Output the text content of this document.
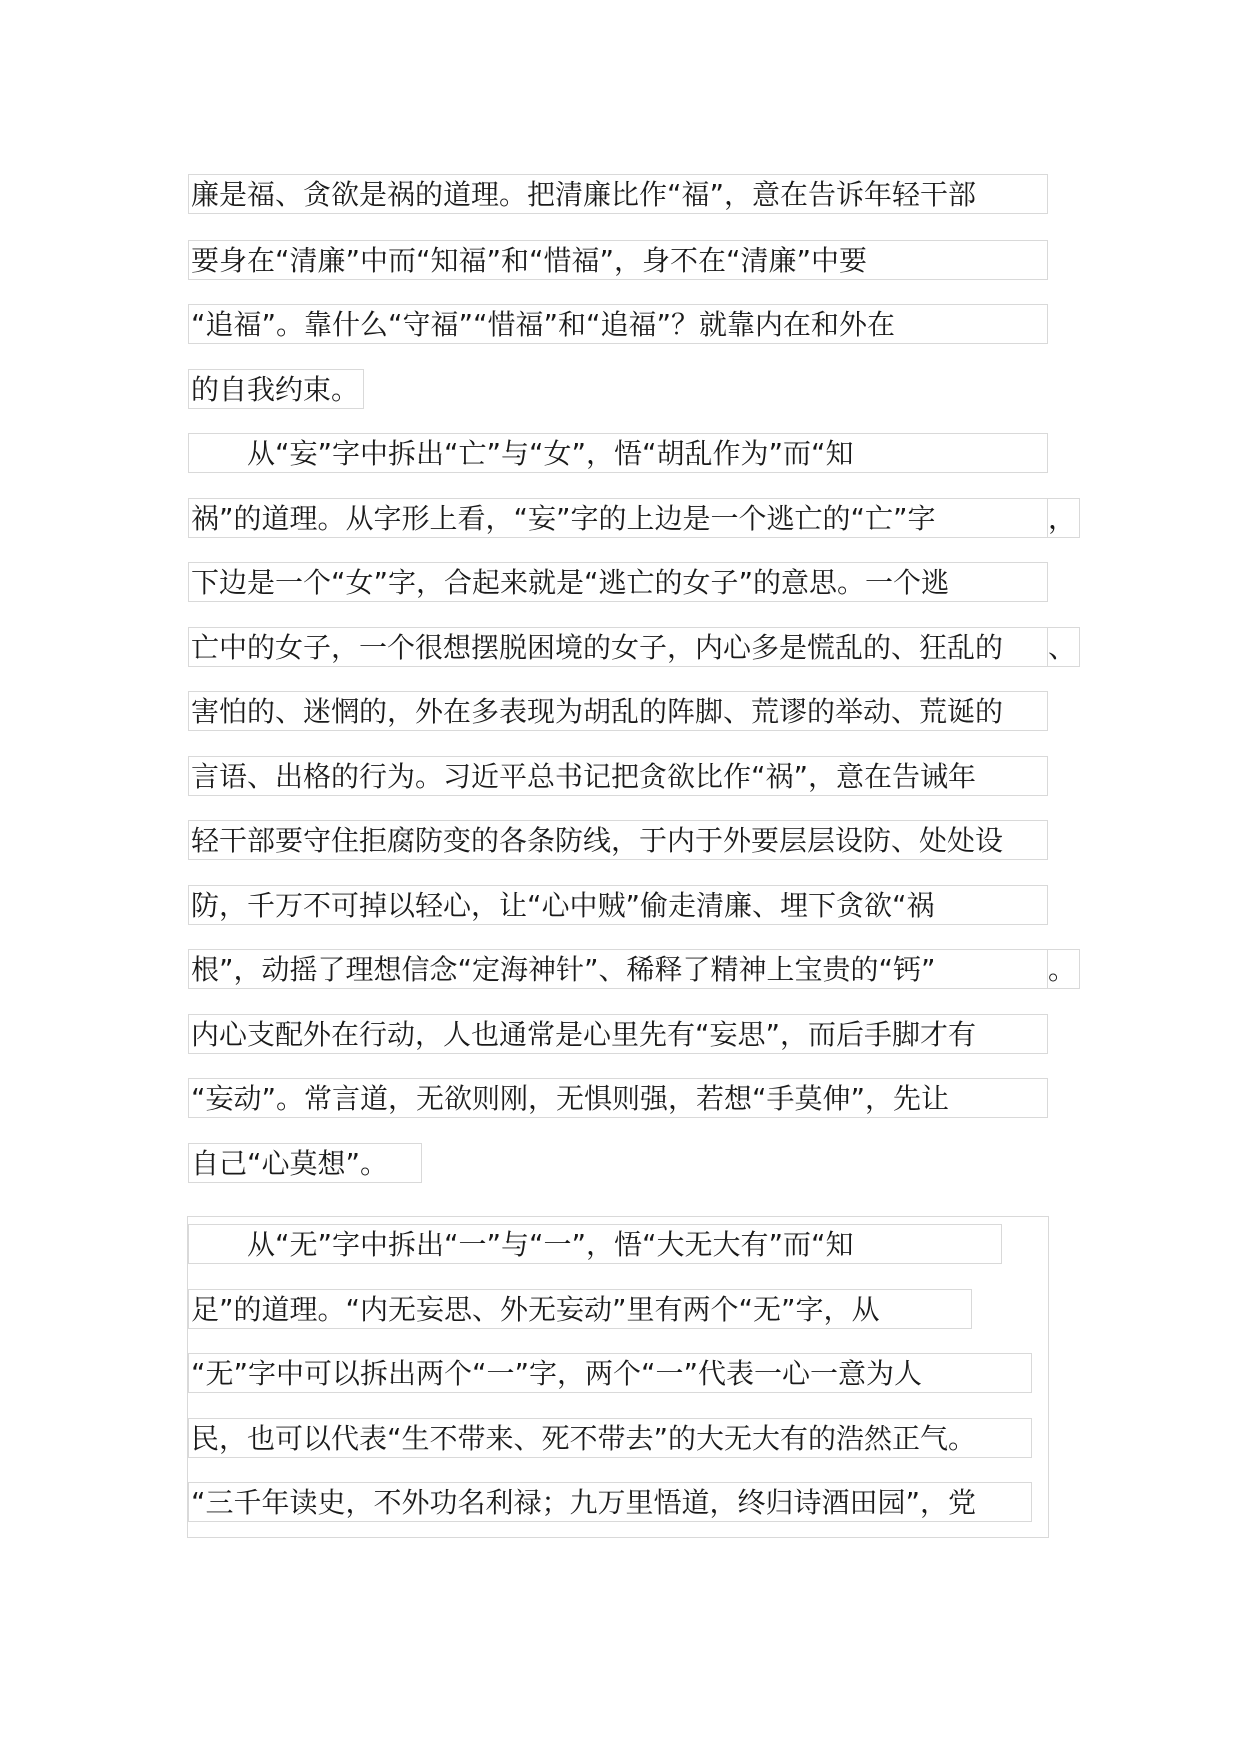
廉是福、贪欲是祸的道理。把清廉比作“福”，意在告诉年轻干部
要身在“清廉”中而“知福”和“惜福”，身不在“清廉”中要
“追福”。靠什么“守福”“惜福”和“追福”？就靠内在和外在
的自我约束。
　　从“妄”字中拆出“亡”与“女”，悟“胡乱作为”而“知
祸”的道理。从字形上看，“妄”字的上边是一个逃亡的“亡”字	，
下边是一个“女”字，合起来就是“逃亡的女子”的意思。一个逃
亡中的女子，一个很想摆脱困境的女子，内心多是慌乱的、狂乱的	、
害怕的、迷惘的，外在多表现为胡乱的阵脚、荒谬的举动、荒诞的
言语、出格的行为。习近平总书记把贪欲比作“祸”，意在告诫年
轻干部要守住拒腐防变的各条防线，于内于外要层层设防、处处设
防，千万不可掉以轻心，让“心中贼”偷走清廉、埋下贪欲“祸
根”，动摇了理想信念“定海神针”、稀释了精神上宝贵的“钙”	。
内心支配外在行动，人也通常是心里先有“妄思”，而后手脚才有
“妄动”。常言道，无欲则刚，无惧则强，若想“手莫伸”，先让
自己“心莫想”。
　　从“无”字中拆出“一”与“一”，悟“大无大有”而“知
足”的道理。“内无妄思、外无妄动”里有两个“无”字，从
“无”字中可以拆出两个“一”字，两个“一”代表一心一意为人
民，也可以代表“生不带来、死不带去”的大无大有的浩然正气。
“三千年读史，不外功名利禄；九万里悟道，终归诗酒田园”，党
